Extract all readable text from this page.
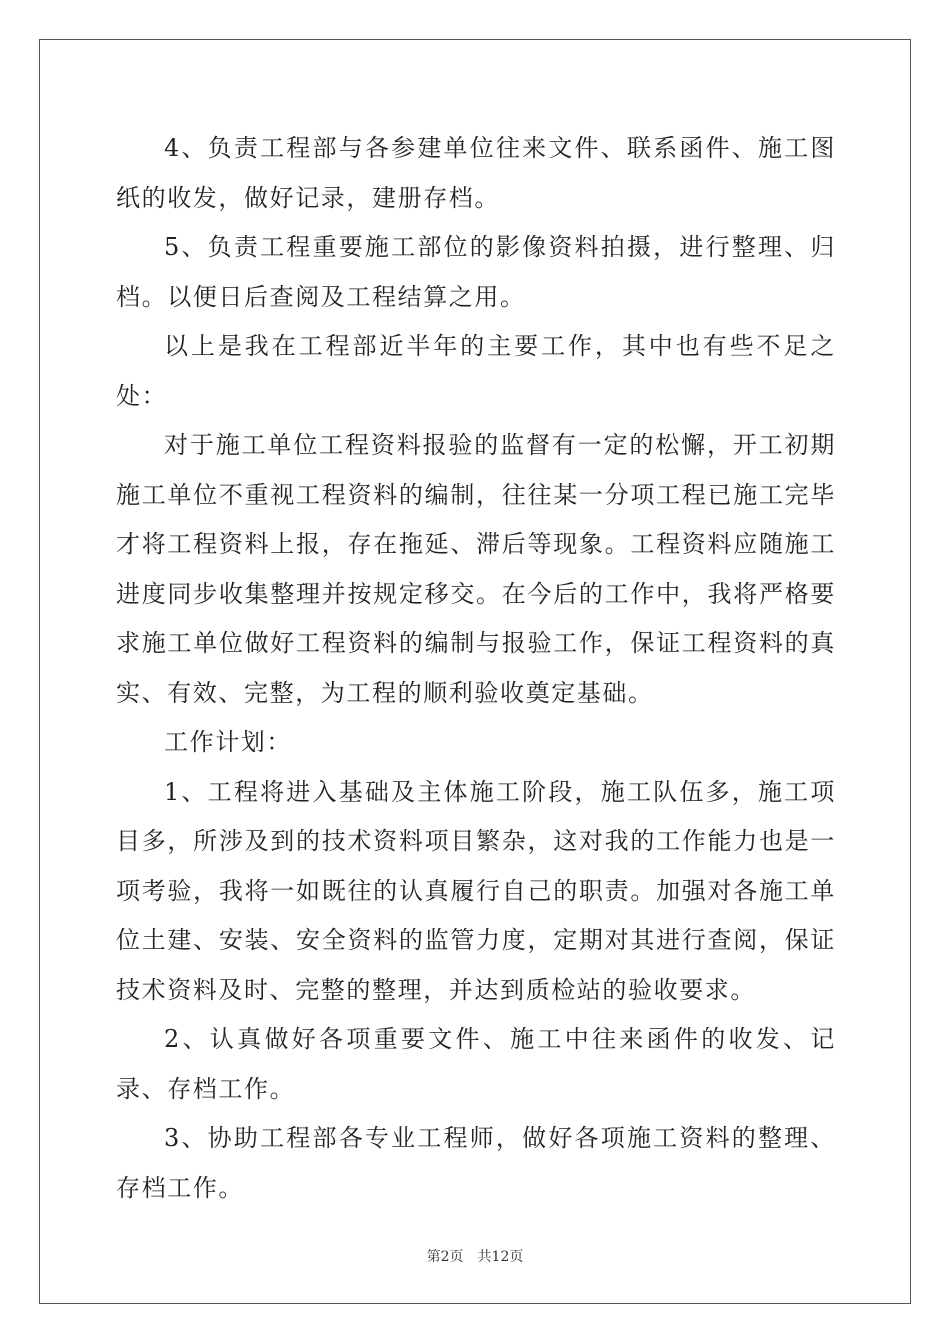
4、负责工程部与各参建单位往来文件、联系函件、施工图纸的收发，做好记录，建册存档。

5、负责工程重要施工部位的影像资料拍摄，进行整理、归档。以便日后查阅及工程结算之用。

以上是我在工程部近半年的主要工作，其中也有些不足之处：

对于施工单位工程资料报验的监督有一定的松懈，开工初期施工单位不重视工程资料的编制，往往某一分项工程已施工完毕才将工程资料上报，存在拖延、滞后等现象。工程资料应随施工进度同步收集整理并按规定移交。在今后的工作中，我将严格要求施工单位做好工程资料的编制与报验工作，保证工程资料的真实、有效、完整，为工程的顺利验收奠定基础。

工作计划：

1、工程将进入基础及主体施工阶段，施工队伍多，施工项目多，所涉及到的技术资料项目繁杂，这对我的工作能力也是一项考验，我将一如既往的认真履行自己的职责。加强对各施工单位土建、安装、安全资料的监管力度，定期对其进行查阅，保证技术资料及时、完整的整理，并达到质检站的验收要求。

2、认真做好各项重要文件、施工中往来函件的收发、记录、存档工作。

3、协助工程部各专业工程师，做好各项施工资料的整理、存档工作。

第2页 共12页
